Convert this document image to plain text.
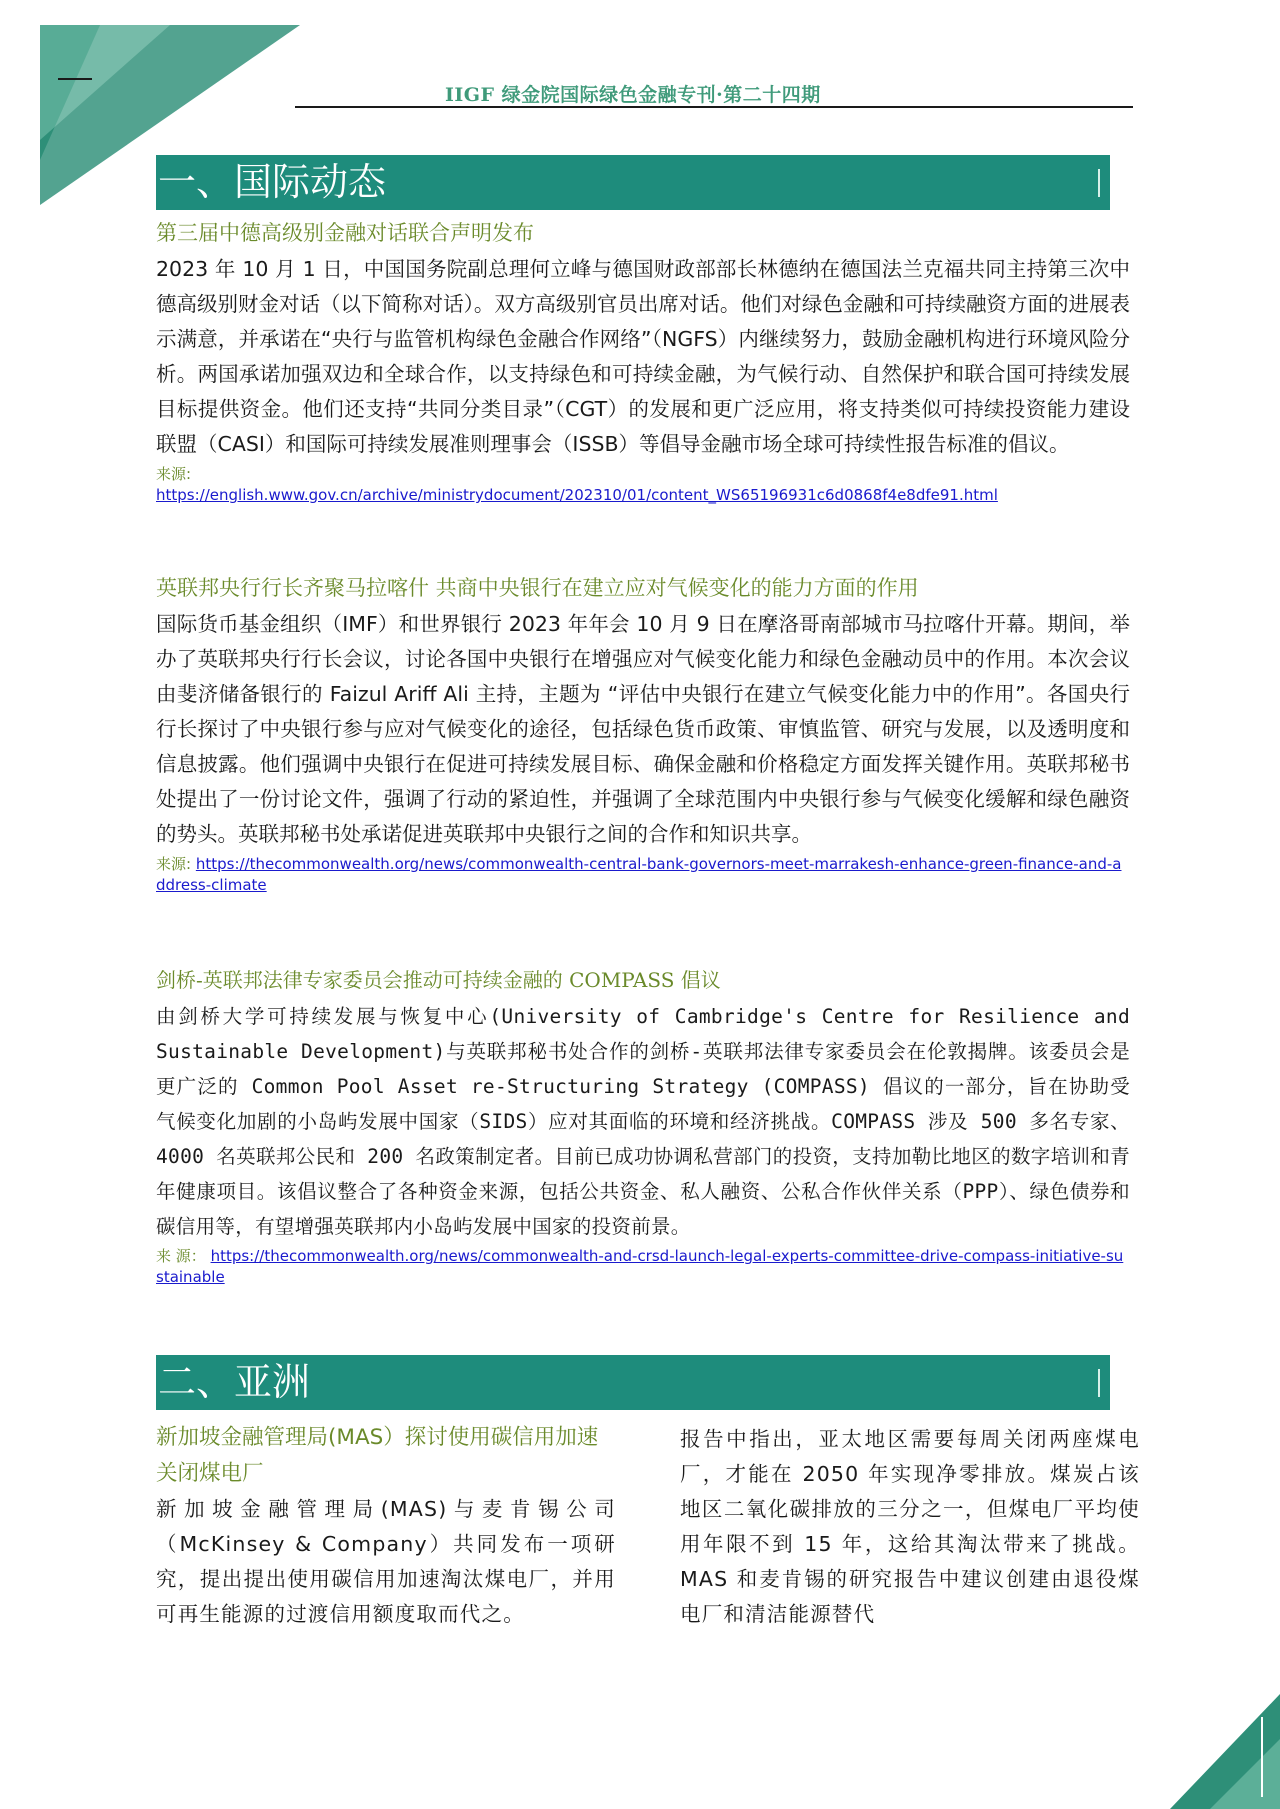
IIGF 绿金院国际绿色金融专刊·第二十四期
一、国际动态
第三届中德高级别金融对话联合声明发布

2023 年 10 月 1 日，中国国务院副总理何立峰与德国财政部部长林德纳在德国法兰克福共同主持第三次中德高级别财金对话（以下简称对话）。双方高级别官员出席对话。他们对绿色金融和可持续融资方面的进展表示满意，并承诺在“央行与监管机构绿色金融合作网络”（NGFS）内继续努力，鼓励金融机构进行环境风险分析。两国承诺加强双边和全球合作，以支持绿色和可持续金融，为气候行动、自然保护和联合国可持续发展目标提供资金。他们还支持“共同分类目录”（CGT）的发展和更广泛应用，将支持类似可持续投资能力建设联盟（CASI）和国际可持续发展准则理事会（ISSB）等倡导金融市场全球可持续性报告标准的倡议。

来源:
https://english.www.gov.cn/archive/ministrydocument/202310/01/content_WS65196931c6d0868f4e8dfe91.html
英联邦央行行长齐聚马拉喀什 共商中央银行在建立应对气候变化的能力方面的作用

国际货币基金组织（IMF）和世界银行 2023 年年会 10 月 9 日在摩洛哥南部城市马拉喀什开幕。期间，举办了英联邦央行行长会议，讨论各国中央银行在增强应对气候变化能力和绿色金融动员中的作用。本次会议由斐济储备银行的 Faizul Ariff Ali 主持，主题为 “评估中央银行在建立气候变化能力中的作用”。各国央行行长探讨了中央银行参与应对气候变化的途径，包括绿色货币政策、审慎监管、研究与发展，以及透明度和信息披露。他们强调中央银行在促进可持续发展目标、确保金融和价格稳定方面发挥关键作用。英联邦秘书处提出了一份讨论文件，强调了行动的紧迫性，并强调了全球范围内中央银行参与气候变化缓解和绿色融资的势头。英联邦秘书处承诺促进英联邦中央银行之间的合作和知识共享。

来源: https://thecommonwealth.org/news/commonwealth-central-bank-governors-meet-marrakesh-enhance-green-finance-and-address-climate
剑桥-英联邦法律专家委员会推动可持续金融的 COMPASS 倡议

由剑桥大学可持续发展与恢复中心(University of Cambridge's Centre for Resilience and Sustainable Development)与英联邦秘书处合作的剑桥-英联邦法律专家委员会在伦敦揭牌。该委员会是更广泛的 Common Pool Asset re-Structuring Strategy (COMPASS) 倡议的一部分，旨在协助受气候变化加剧的小岛屿发展中国家（SIDS）应对其面临的环境和经济挑战。COMPASS 涉及 500 多名专家、4000 名英联邦公民和 200 名政策制定者。目前已成功协调私营部门的投资，支持加勒比地区的数字培训和青年健康项目。该倡议整合了各种资金来源，包括公共资金、私人融资、公私合作伙伴关系（PPP）、绿色债券和碳信用等，有望增强英联邦内小岛屿发展中国家的投资前景。

来 源： https://thecommonwealth.org/news/commonwealth-and-crsd-launch-legal-experts-committee-drive-compass-initiative-sustainable
二、亚洲
新加坡金融管理局(MAS）探讨使用碳信用加速关闭煤电厂

新加坡金融管理局(MAS)与麦肯锡公司（McKinsey & Company）共同发布一项研究，提出提出使用碳信用加速淘汰煤电厂，并用可再生能源的过渡信用额度取而代之。

报告中指出，亚太地区需要每周关闭两座煤电厂，才能在 2050 年实现净零排放。煤炭占该地区二氧化碳排放的三分之一，但煤电厂平均使用年限不到 15 年，这给其淘汰带来了挑战。MAS 和麦肯锡的研究报告中建议创建由退役煤电厂和清洁能源替代
